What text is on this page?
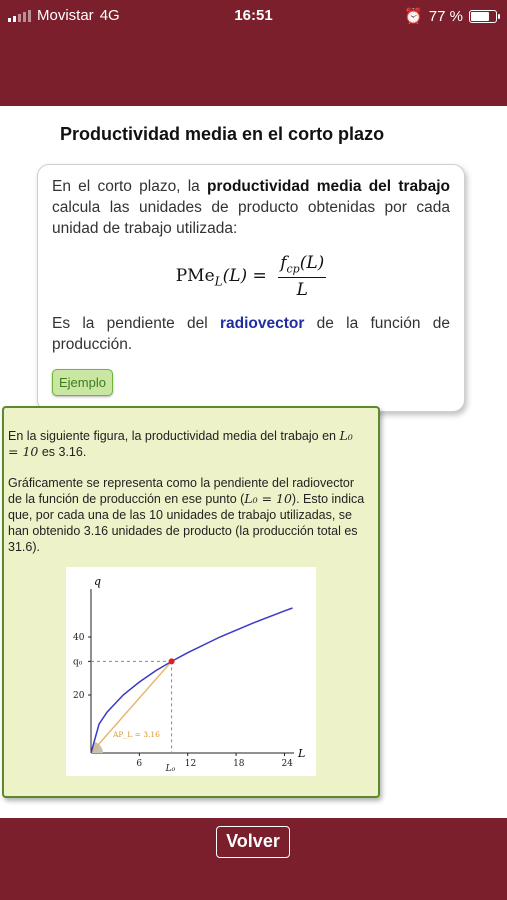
Movistar 4G	16:51	⏰ 77 %
Productividad media en el corto plazo

En el corto plazo, la productividad media del trabajo calcula las unidades de producto obtenidas por cada unidad de trabajo utilizada:

$PMe_L(L) = \frac{f_{cp}(L)}{L}$

Es la pendiente del radiovector de la función de producción.

Ejemplo

En la siguiente figura, la productividad media del trabajo en L₀ = 10 es 3.16.

Gráficamente se representa como la pendiente del radiovector de la función de producción en ese punto (L₀ = 10). Esto indica que, por cada una de las 10 unidades de trabajo utilizadas, se han obtenido 3.16 unidades de producto (la producción total es 31.6).

q
L
40
q₀
20
6	12	18	24
L₀
AP_L = 3.16
Volver
